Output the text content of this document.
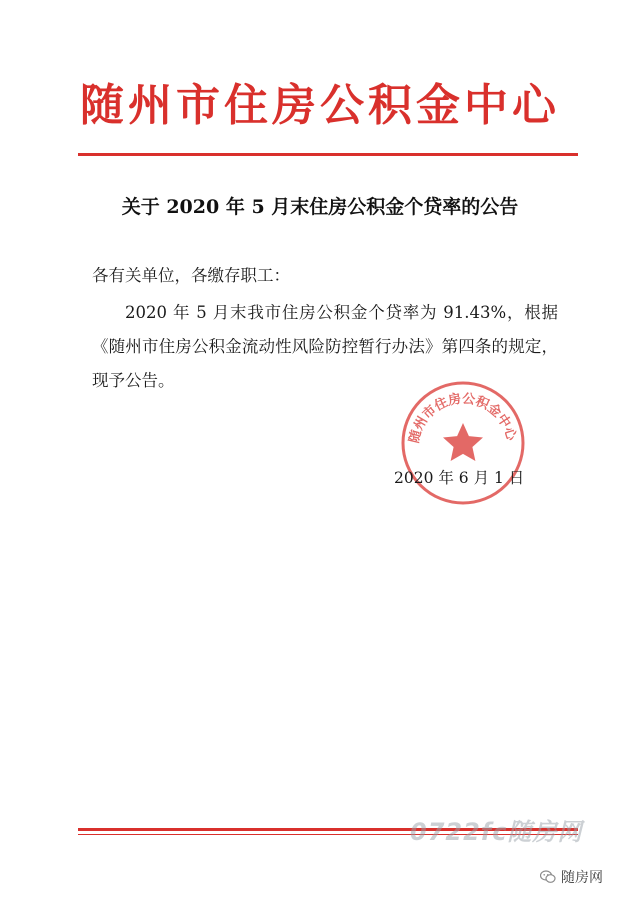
随州市住房公积金中心
关于 2020 年 5 月末住房公积金个贷率的公告
各有关单位，各缴存职工：
2020 年 5 月末我市住房公积金个贷率为 91.43%，根据《随州市住房公积金流动性风险防控暂行办法》第四条的规定，现予公告。
随州市住房公积金中心
2020 年 6 月 1 日
0722fc随房网
随房网
